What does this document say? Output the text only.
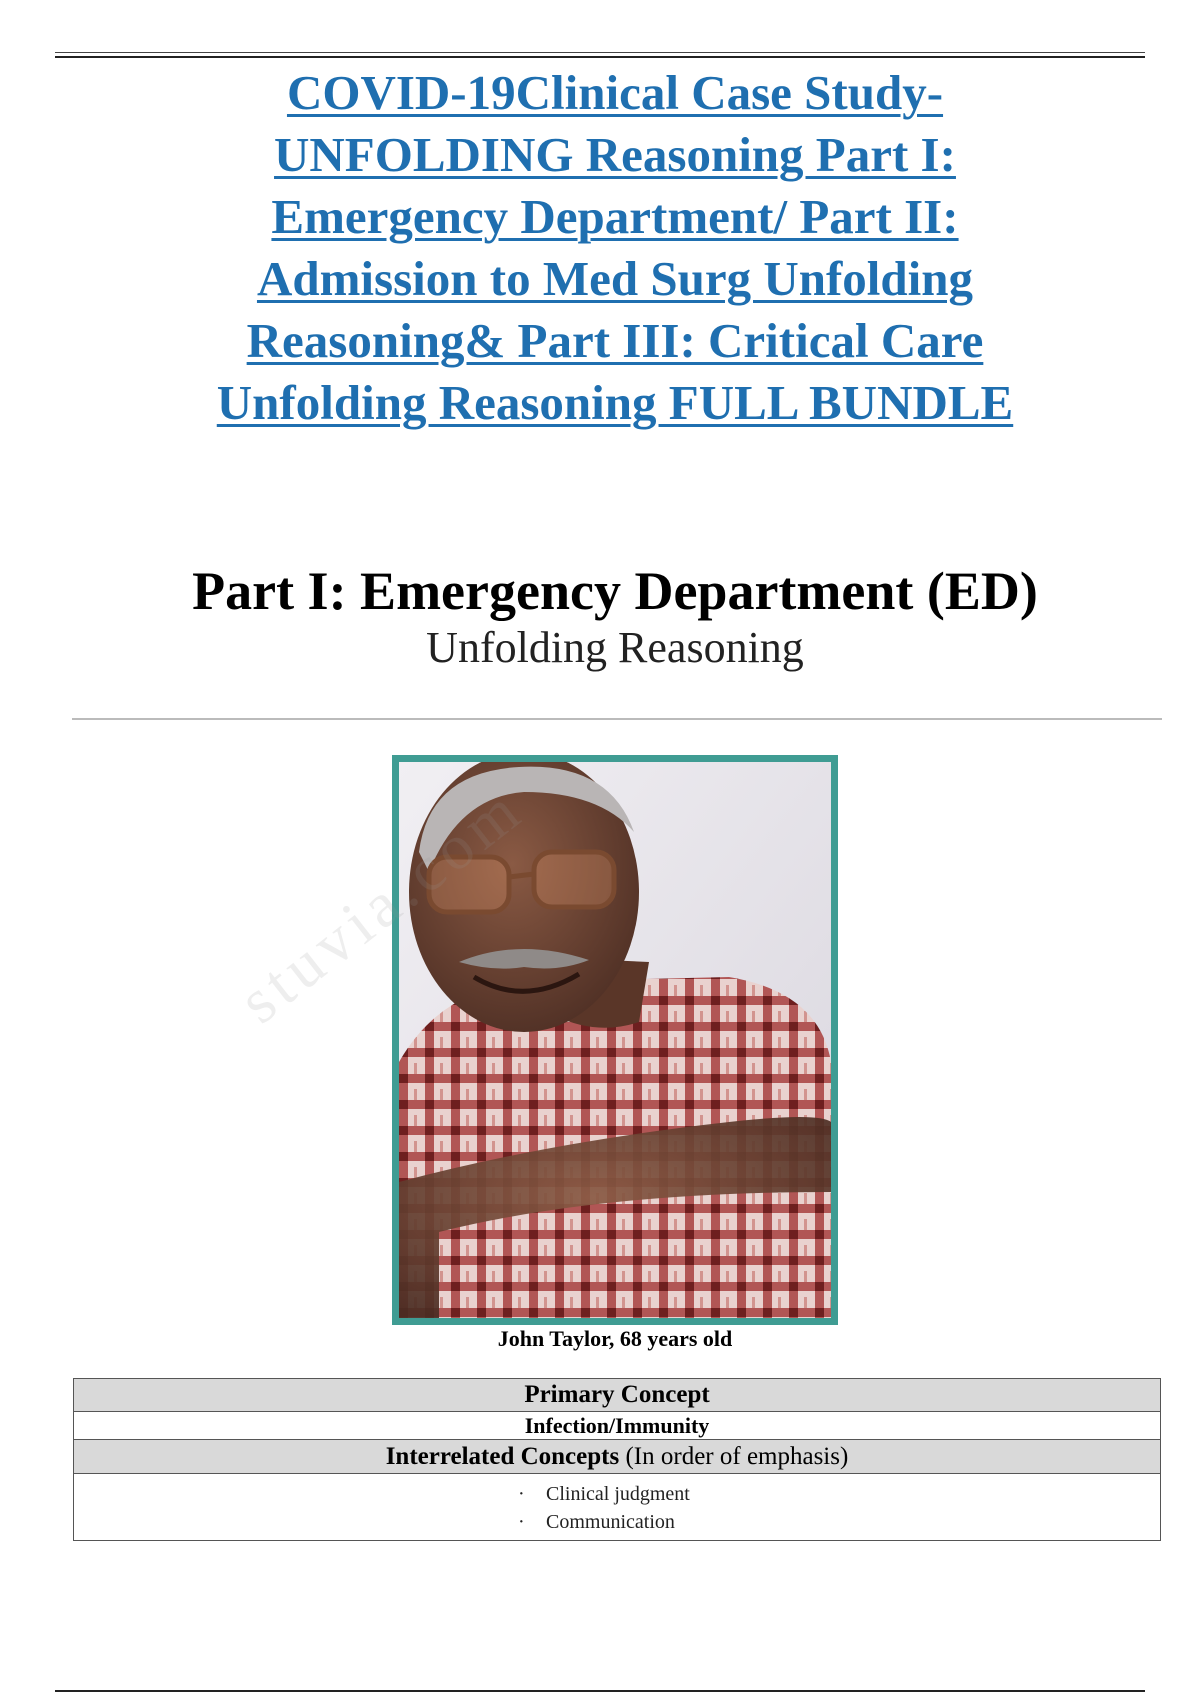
COVID-19Clinical Case Study-
UNFOLDING Reasoning Part I:
Emergency Department/ Part II:
Admission to Med Surg Unfolding
Reasoning& Part III: Critical Care
Unfolding Reasoning FULL BUNDLE
Part I: Emergency Department (ED)
Unfolding Reasoning
John Taylor, 68 years old
Primary Concept
Infection/Immunity
Interrelated Concepts (In order of emphasis)

· Clinical judgment
· Communication
stuvia.com
